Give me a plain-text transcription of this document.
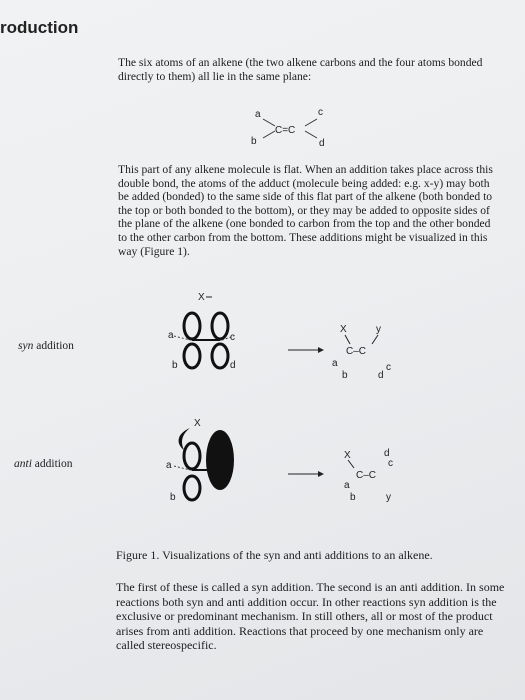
roduction

The six atoms of an alkene (the two alkene carbons and the four atoms bonded directly to them) all lie in the same plane:

a
b
c
d
C=C

This part of any alkene molecule is flat. When an addition takes place across this double bond, the atoms of the adduct (molecule being added: e.g. x-y) may both be added (bonded) to the same side of this flat part of the alkene (both bonded to the top or both bonded to the bottom), or they may be added to opposite sides of the plane of the alkene (one bonded to carbon from the top and the other bonded to the other carbon from the bottom. These additions might be visualized in this way (Figure 1).

syn addition
X
a
b
c
d
X	y
C–C
a
b
c
d
anti addition
X
a
b
X	d
c
C–C
a
b	y

Figure 1. Visualizations of the syn and anti additions to an alkene.

The first of these is called a syn addition. The second is an anti addition. In some reactions both syn and anti addition occur. In other reactions syn addition is the exclusive or predominant mechanism. In still others, all or most of the product arises from anti addition. Reactions that proceed by one mechanism only are called stereospecific.
